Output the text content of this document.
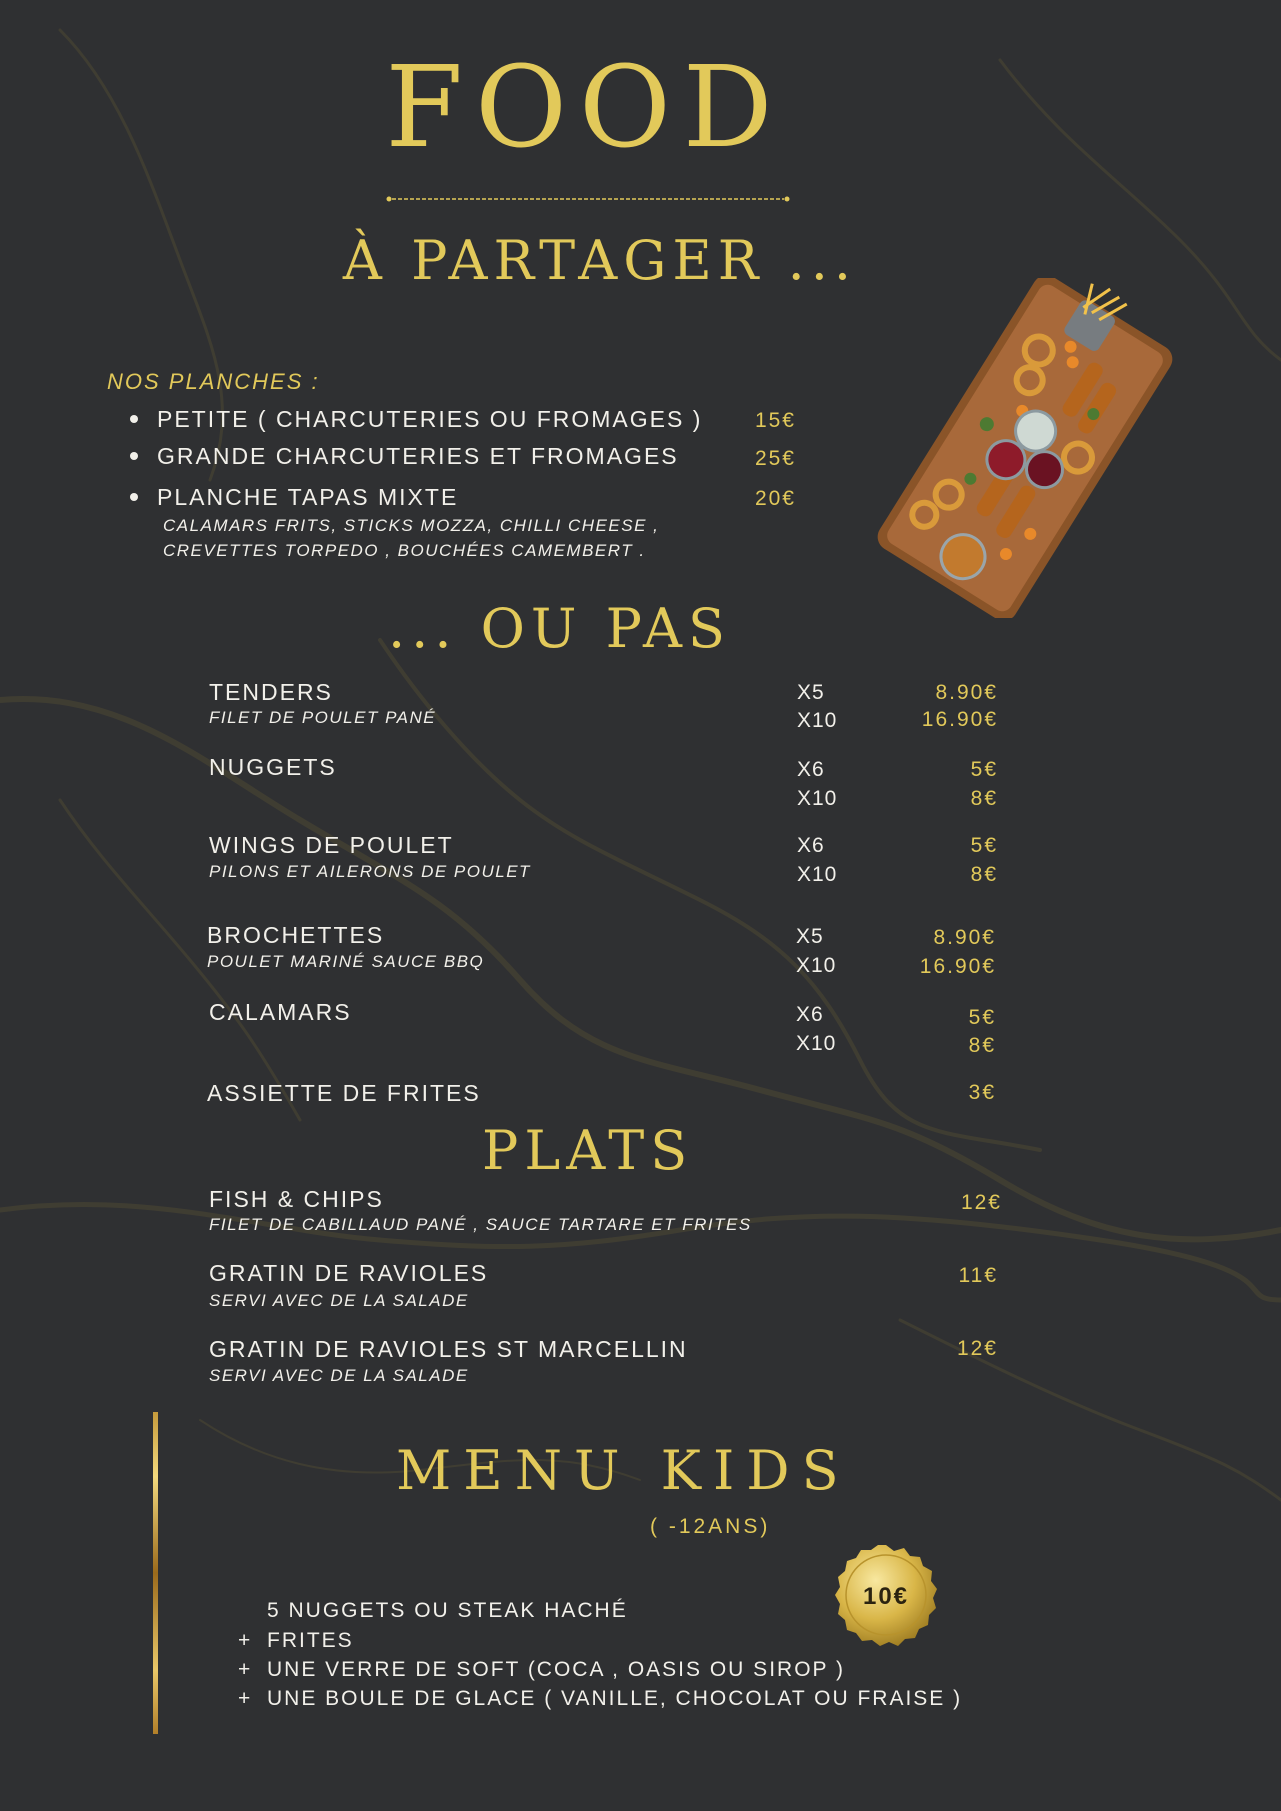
FOOD
À PARTAGER ...
NOS PLANCHES :
PETITE ( CHARCUTERIES OU FROMAGES )	15€
GRANDE CHARCUTERIES ET FROMAGES	25€
PLANCHE TAPAS MIXTE	20€
CALAMARS FRITS, STICKS MOZZA, CHILLI CHEESE ,
CREVETTES TORPEDO , BOUCHÉES CAMEMBERT .
... OU PAS
TENDERS
FILET DE POULET PANÉ
X5	8.90€
X10	16.90€
NUGGETS	X6	5€
X10	8€
WINGS DE POULET
PILONS ET AILERONS DE POULET
X6	5€
X10	8€
BROCHETTES
POULET MARINÉ SAUCE BBQ
X5	8.90€
X10	16.90€
CALAMARS	X6	5€
X10	8€
ASSIETTE DE FRITES	3€
PLATS
FISH & CHIPS
FILET DE CABILLAUD PANÉ , SAUCE TARTARE ET FRITES
12€
GRATIN DE RAVIOLES
SERVI AVEC DE LA SALADE
11€
GRATIN DE RAVIOLES ST MARCELLIN
SERVI AVEC DE LA SALADE
12€
MENU KIDS
( -12ANS)
10€
5 NUGGETS OU STEAK HACHÉ
+ FRITES
+ UNE VERRE DE SOFT (COCA , OASIS OU SIROP )
+ UNE BOULE DE GLACE ( VANILLE, CHOCOLAT OU FRAISE )
